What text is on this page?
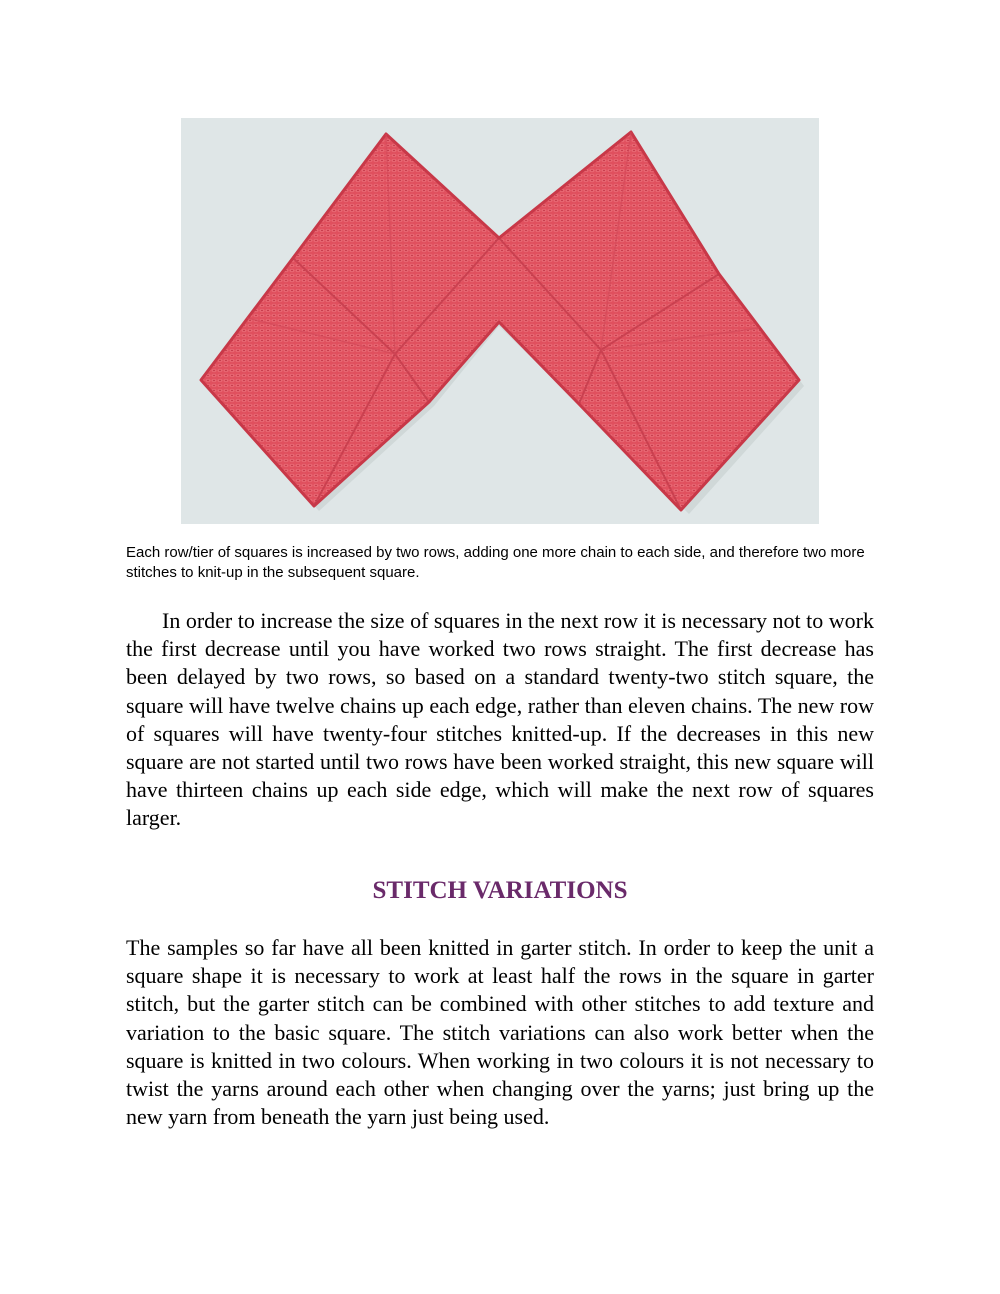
Each row/tier of squares is increased by two rows, adding one more chain to each side, and therefore two more stitches to knit-up in the subsequent square.

In order to increase the size of squares in the next row it is necessary not to work the first decrease until you have worked two rows straight. The first decrease has been delayed by two rows, so based on a standard twenty-two stitch square, the square will have twelve chains up each edge, rather than eleven chains. The new row of squares will have twenty-four stitches knitted-up. If the decreases in this new square are not started until two rows have been worked straight, this new square will have thirteen chains up each side edge, which will make the next row of squares larger.

STITCH VARIATIONS

The samples so far have all been knitted in garter stitch. In order to keep the unit a square shape it is necessary to work at least half the rows in the square in garter stitch, but the garter stitch can be combined with other stitches to add texture and variation to the basic square. The stitch variations can also work better when the square is knitted in two colours. When working in two colours it is not necessary to twist the yarns around each other when changing over the yarns; just bring up the new yarn from beneath the yarn just being used.
